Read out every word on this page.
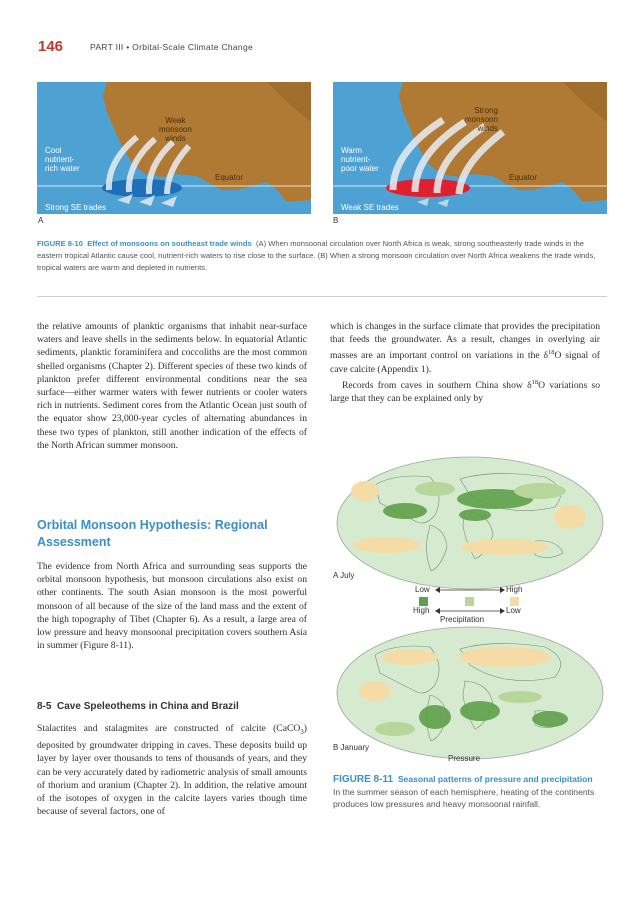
146	PART III • Orbital-Scale Climate Change
Weak
monsoon
winds
Cool
nutrient-
rich water
Equator
Strong SE trades
A
Strong
monsoon
winds
Warm
nutrient-
poor water
Equator
Weak SE trades
B
FIGURE 8-10 Effect of monsoons on southeast trade winds (A) When monsoonal circulation over North Africa is weak, strong southeasterly trade winds in the eastern tropical Atlantic cause cool, nutrient-rich waters to rise close to the surface. (B) When a strong monsoon circulation over North Africa weakens the trade winds, tropical waters are warm and depleted in nutrients.

the relative amounts of planktic organisms that inhabit near-surface waters and leave shells in the sediments below. In equatorial Atlantic sediments, planktic foraminifera and coccoliths are the most common shelled organisms (Chapter 2). Different species of these two kinds of plankton prefer different environmental conditions near the sea surface—either warmer waters with fewer nutrients or cooler waters rich in nutrients. Sediment cores from the Atlantic Ocean just south of the equator show 23,000-year cycles of alternating abundances in these two types of plankton, still another indication of the effects of the North African summer monsoon.

Orbital Monsoon Hypothesis: Regional Assessment

The evidence from North Africa and surrounding seas supports the orbital monsoon hypothesis, but monsoon circulations also exist on other continents. The south Asian monsoon is the most powerful monsoon of all because of the size of the land mass and the extent of the high topography of Tibet (Chapter 6). As a result, a large area of low pressure and heavy monsoonal precipitation covers southern Asia in summer (Figure 8-11).

8-5 Cave Speleothems in China and Brazil

Stalactites and stalagmites are constructed of calcite (CaCO$_3$) deposited by groundwater dripping in caves. These deposits build up layer by layer over thousands to tens of thousands of years, and they can be very accurately dated by radiometric analysis of small amounts of thorium and uranium (Chapter 2). In addition, the relative amount of the isotopes of oxygen in the calcite layers varies though time because of several factors, one of

which is changes in the surface climate that provides the precipitation that feeds the groundwater. As a result, changes in overlying air masses are an important control on variations in the $\delta^{18}O$ signal of cave calcite (Appendix 1).

Records from caves in southern China show $\delta^{18}O$ variations so large that they can be explained only by

A July
Low	High
High	Low
Precipitation
B January
Pressure
FIGURE 8-11 Seasonal patterns of pressure and precipitation  In the summer season of each hemisphere, heating of the continents produces low pressures and heavy monsoonal rainfall.
